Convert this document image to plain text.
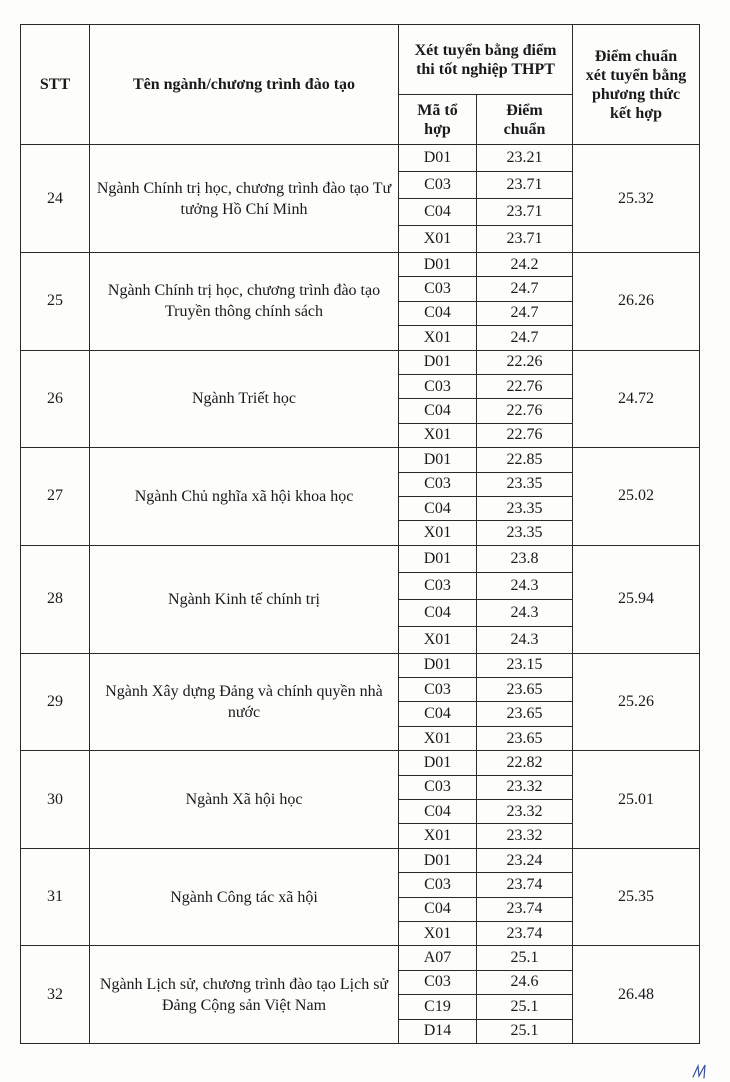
STT	Tên ngành/chương trình đào tạo	Xét tuyển bằng điểm thi tốt nghiệp THPT		Điểm chuẩn xét tuyển bằng phương thức kết hợp
		Mã tổ hợp	Điểm chuẩn	
24	Ngành Chính trị học, chương trình đào tạo Tư tưởng Hồ Chí Minh	D01	23.21	25.32
		C03	23.71	
		C04	23.71	
		X01	23.71	
25	Ngành Chính trị học, chương trình đào tạo Truyền thông chính sách	D01	24.2	26.26
		C03	24.7	
		C04	24.7	
		X01	24.7	
26	Ngành Triết học	D01	22.26	24.72
		C03	22.76	
		C04	22.76	
		X01	22.76	
27	Ngành Chủ nghĩa xã hội khoa học	D01	22.85	25.02
		C03	23.35	
		C04	23.35	
		X01	23.35	
28	Ngành Kinh tế chính trị	D01	23.8	25.94
		C03	24.3	
		C04	24.3	
		X01	24.3	
29	Ngành Xây dựng Đảng và chính quyền nhà nước	D01	23.15	25.26
		C03	23.65	
		C04	23.65	
		X01	23.65	
30	Ngành Xã hội học	D01	22.82	25.01
		C03	23.32	
		C04	23.32	
		X01	23.32	
31	Ngành Công tác xã hội	D01	23.24	25.35
		C03	23.74	
		C04	23.74	
		X01	23.74	
32	Ngành Lịch sử, chương trình đào tạo Lịch sử Đảng Cộng sản Việt Nam	A07	25.1	26.48
		C03	24.6	
		C19	25.1	
		D14	25.1	
